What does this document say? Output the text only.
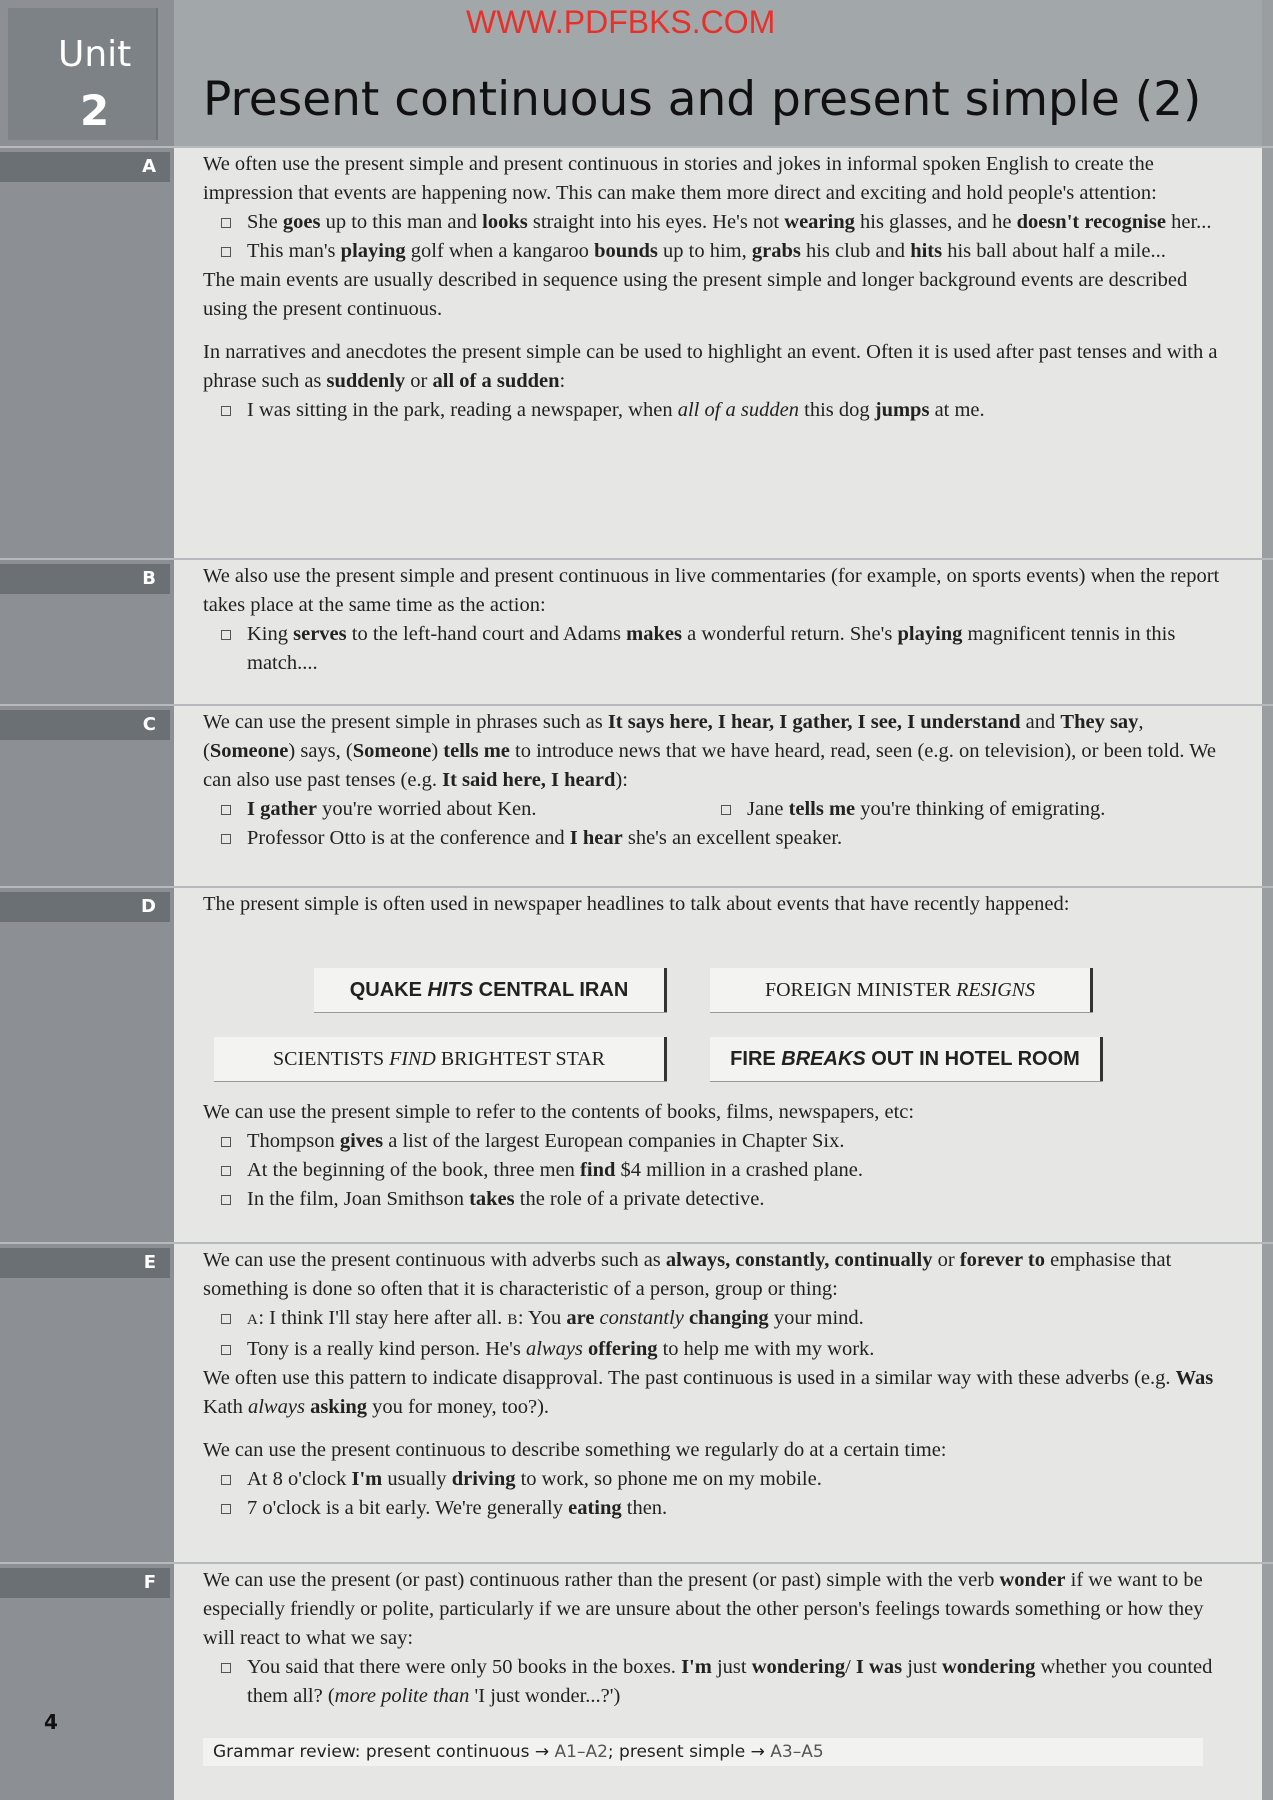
Unit
2
WWW.PDFBKS.COM
Present continuous and present simple (2)
A
B
C
D
E
F

We often use the present simple and present continuous in stories and jokes in informal spoken English to create the impression that events are happening now. This can make them more direct and exciting and hold people's attention:

She goes up to this man and looks straight into his eyes. He's not wearing his glasses, and he doesn't recognise her...
This man's playing golf when a kangaroo bounds up to him, grabs his club and hits his ball about half a mile...

The main events are usually described in sequence using the present simple and longer background events are described using the present continuous.

In narratives and anecdotes the present simple can be used to highlight an event. Often it is used after past tenses and with a phrase such as suddenly or all of a sudden:

I was sitting in the park, reading a newspaper, when all of a sudden this dog jumps at me.

We also use the present simple and present continuous in live commentaries (for example, on sports events) when the report takes place at the same time as the action:

King serves to the left-hand court and Adams makes a wonderful return. She's playing magnificent tennis in this match....

We can use the present simple in phrases such as It says here, I hear, I gather, I see, I understand and They say, (Someone) says, (Someone) tells me to introduce news that we have heard, read, seen (e.g. on television), or been told. We can also use past tenses (e.g. It said here, I heard):

I gather you're worried about Ken.	Jane tells me you're thinking of emigrating.
Professor Otto is at the conference and I hear she's an excellent speaker.

The present simple is often used in newspaper headlines to talk about events that have recently happened:

QUAKE HITS CENTRAL IRAN	FOREIGN MINISTER RESIGNS
SCIENTISTS FIND BRIGHTEST STAR	FIRE BREAKS OUT IN HOTEL ROOM

We can use the present simple to refer to the contents of books, films, newspapers, etc:

Thompson gives a list of the largest European companies in Chapter Six.
At the beginning of the book, three men find $4 million in a crashed plane.
In the film, Joan Smithson takes the role of a private detective.

We can use the present continuous with adverbs such as always, constantly, continually or forever to emphasise that something is done so often that it is characteristic of a person, group or thing:

A: I think I'll stay here after all. B: You are constantly changing your mind.
Tony is a really kind person. He's always offering to help me with my work.

We often use this pattern to indicate disapproval. The past continuous is used in a similar way with these adverbs (e.g. Was Kath always asking you for money, too?).

We can use the present continuous to describe something we regularly do at a certain time:

At 8 o'clock I'm usually driving to work, so phone me on my mobile.
7 o'clock is a bit early. We're generally eating then.

We can use the present (or past) continuous rather than the present (or past) simple with the verb wonder if we want to be especially friendly or polite, particularly if we are unsure about the other person's feelings towards something or how they will react to what we say:

You said that there were only 50 books in the boxes. I'm just wondering/ I was just wondering whether you counted them all? (more polite than 'I just wonder...?')
4
Grammar review: present continuous → A1–A2; present simple → A3–A5
